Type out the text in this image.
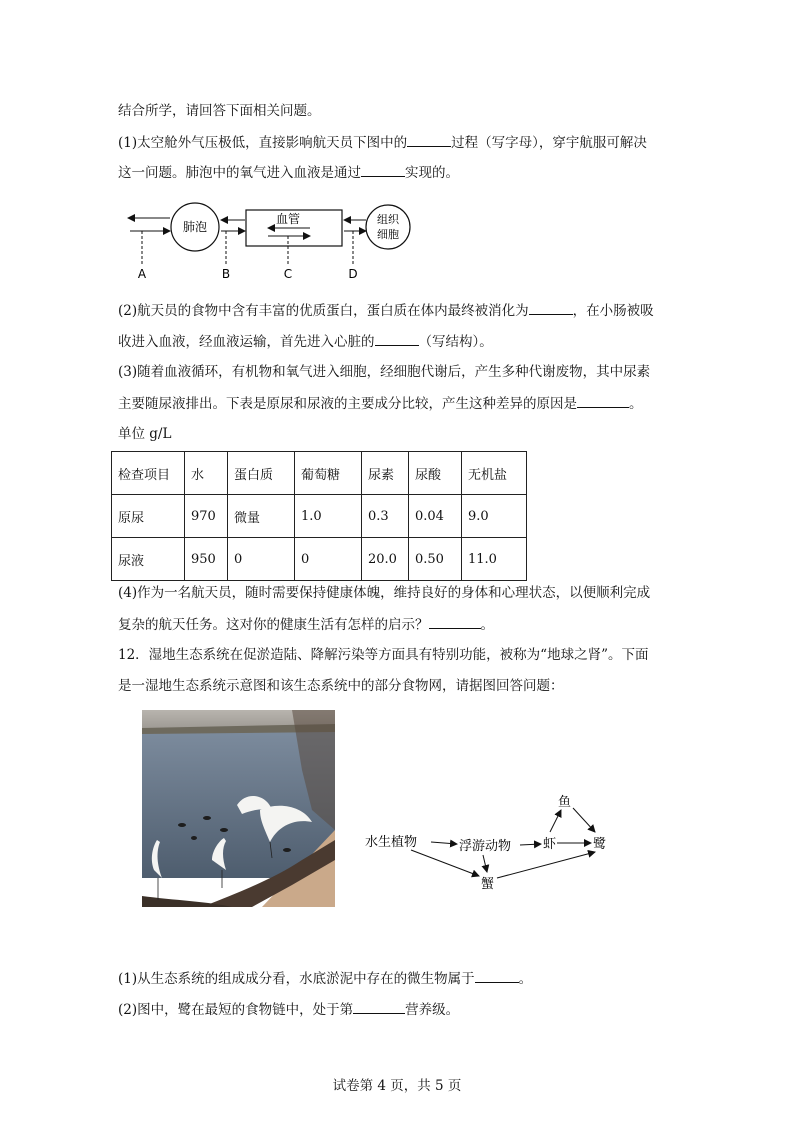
结合所学，请回答下面相关问题。
(1)太空舱外气压极低，直接影响航天员下图中的	过程（写字母），穿宇航服可解决
这一问题。肺泡中的氧气进入血液是通过	实现的。
肺泡
血管	组织
细胞
A	B	C	D
(2)航天员的食物中含有丰富的优质蛋白，蛋白质在体内最终被消化为	，在小肠被吸
收进入血液，经血液运输，首先进入心脏的	（写结构）。
(3)随着血液循环，有机物和氧气进入细胞，经细胞代谢后，产生多种代谢废物，其中尿素
主要随尿液排出。下表是原尿和尿液的主要成分比较，产生这种差异的原因是	。
单位 g/L
检查项目	水	蛋白质	葡萄糖	尿素	尿酸	无机盐
原尿	970	微量	1.0	0.3	0.04	9.0
尿液	950	0	0	20.0	0.50	11.0
(4)作为一名航天员，随时需要保持健康体魄，维持良好的身体和心理状态，以便顺利完成
复杂的航天任务。这对你的健康生活有怎样的启示？	。
12．湿地生态系统在促淤造陆、降解污染等方面具有特别功能，被称为“地球之肾”。下面
是一湿地生态系统示意图和该生态系统中的部分食物网，请据图回答问题：
水生植物	浮游动物 虾
鱼
鹭
蟹
(1)从生态系统的组成成分看，水底淤泥中存在的微生物属于	。
(2)图中，鹭在最短的食物链中，处于第	营养级。
试卷第 4 页，共 5 页
